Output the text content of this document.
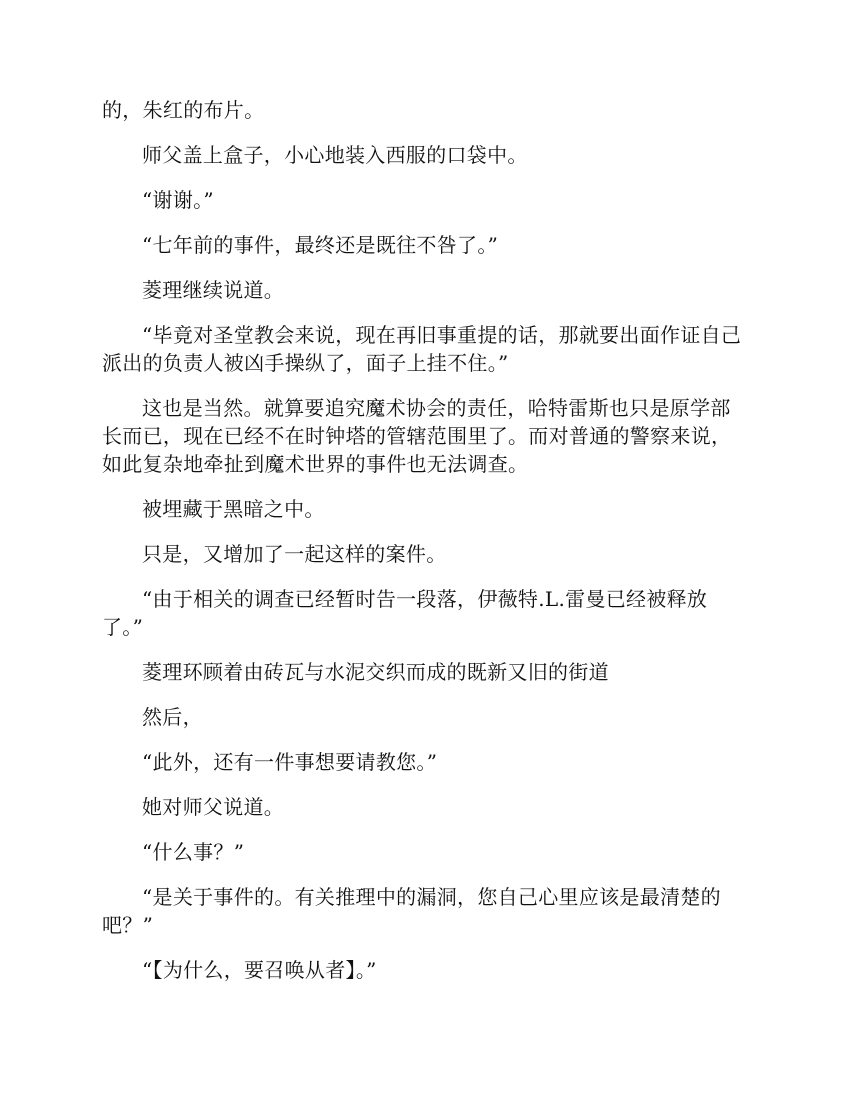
的，朱红的布片。

师父盖上盒子，小心地装入西服的口袋中。

“谢谢。”

“七年前的事件，最终还是既往不咎了。”

菱理继续说道。

“毕竟对圣堂教会来说，现在再旧事重提的话，那就要出面作证自己派出的负责人被凶手操纵了，面子上挂不住。”

这也是当然。就算要追究魔术协会的责任，哈特雷斯也只是原学部长而已，现在已经不在时钟塔的管辖范围里了。而对普通的警察来说，如此复杂地牵扯到魔术世界的事件也无法调查。

被埋藏于黑暗之中。

只是，又增加了一起这样的案件。

“由于相关的调查已经暂时告一段落，伊薇特.L.雷曼已经被释放了。”

菱理环顾着由砖瓦与水泥交织而成的既新又旧的街道

然后，

“此外，还有一件事想要请教您。”

她对师父说道。

“什么事？”

“是关于事件的。有关推理中的漏洞，您自己心里应该是最清楚的吧？”

“【为什么，要召唤从者】。”
